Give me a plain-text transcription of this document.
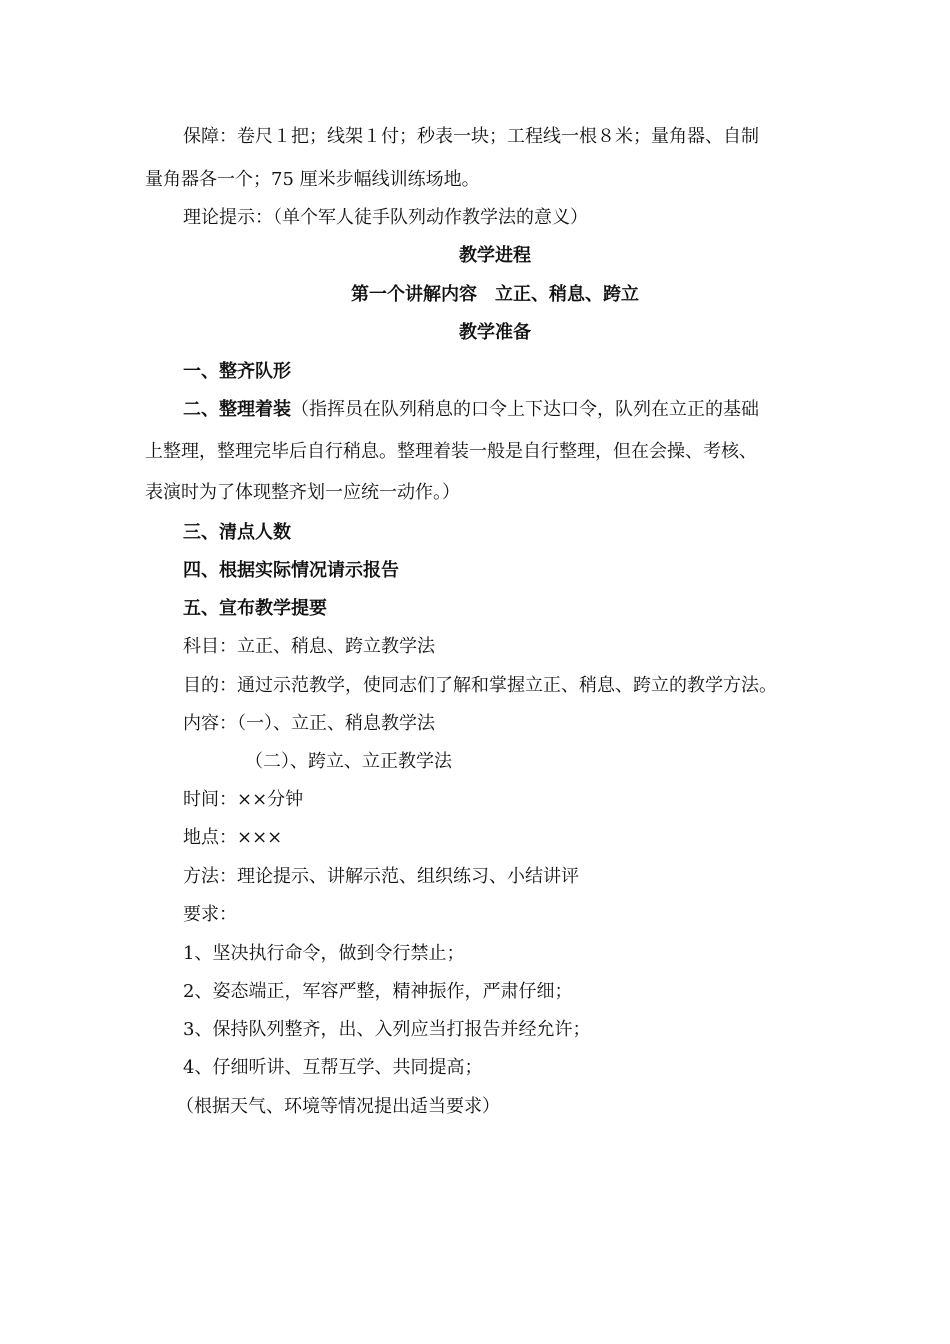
保障：卷尺１把；线架１付；秒表一块；工程线一根８米；量角器、自制
量角器各一个；75 厘米步幅线训练场地。
理论提示：（单个军人徒手队列动作教学法的意义）
教学进程
第一个讲解内容　立正、稍息、跨立
教学准备
一、整齐队形
二、整理着装（指挥员在队列稍息的口令上下达口令，队列在立正的基础
上整理，整理完毕后自行稍息。整理着装一般是自行整理，但在会操、考核、
表演时为了体现整齐划一应统一动作。）
三、清点人数
四、根据实际情况请示报告
五、宣布教学提要
科目：立正、稍息、跨立教学法
目的：通过示范教学，使同志们了解和掌握立正、稍息、跨立的教学方法。
内容：（一）、立正、稍息教学法
（二）、跨立、立正教学法
时间：××分钟
地点：×××
方法：理论提示、讲解示范、组织练习、小结讲评
要求：
1、坚决执行命令，做到令行禁止；
2、姿态端正，军容严整，精神振作，严肃仔细；
3、保持队列整齐，出、入列应当打报告并经允许；
4、仔细听讲、互帮互学、共同提高；
（根据天气、环境等情况提出适当要求）
